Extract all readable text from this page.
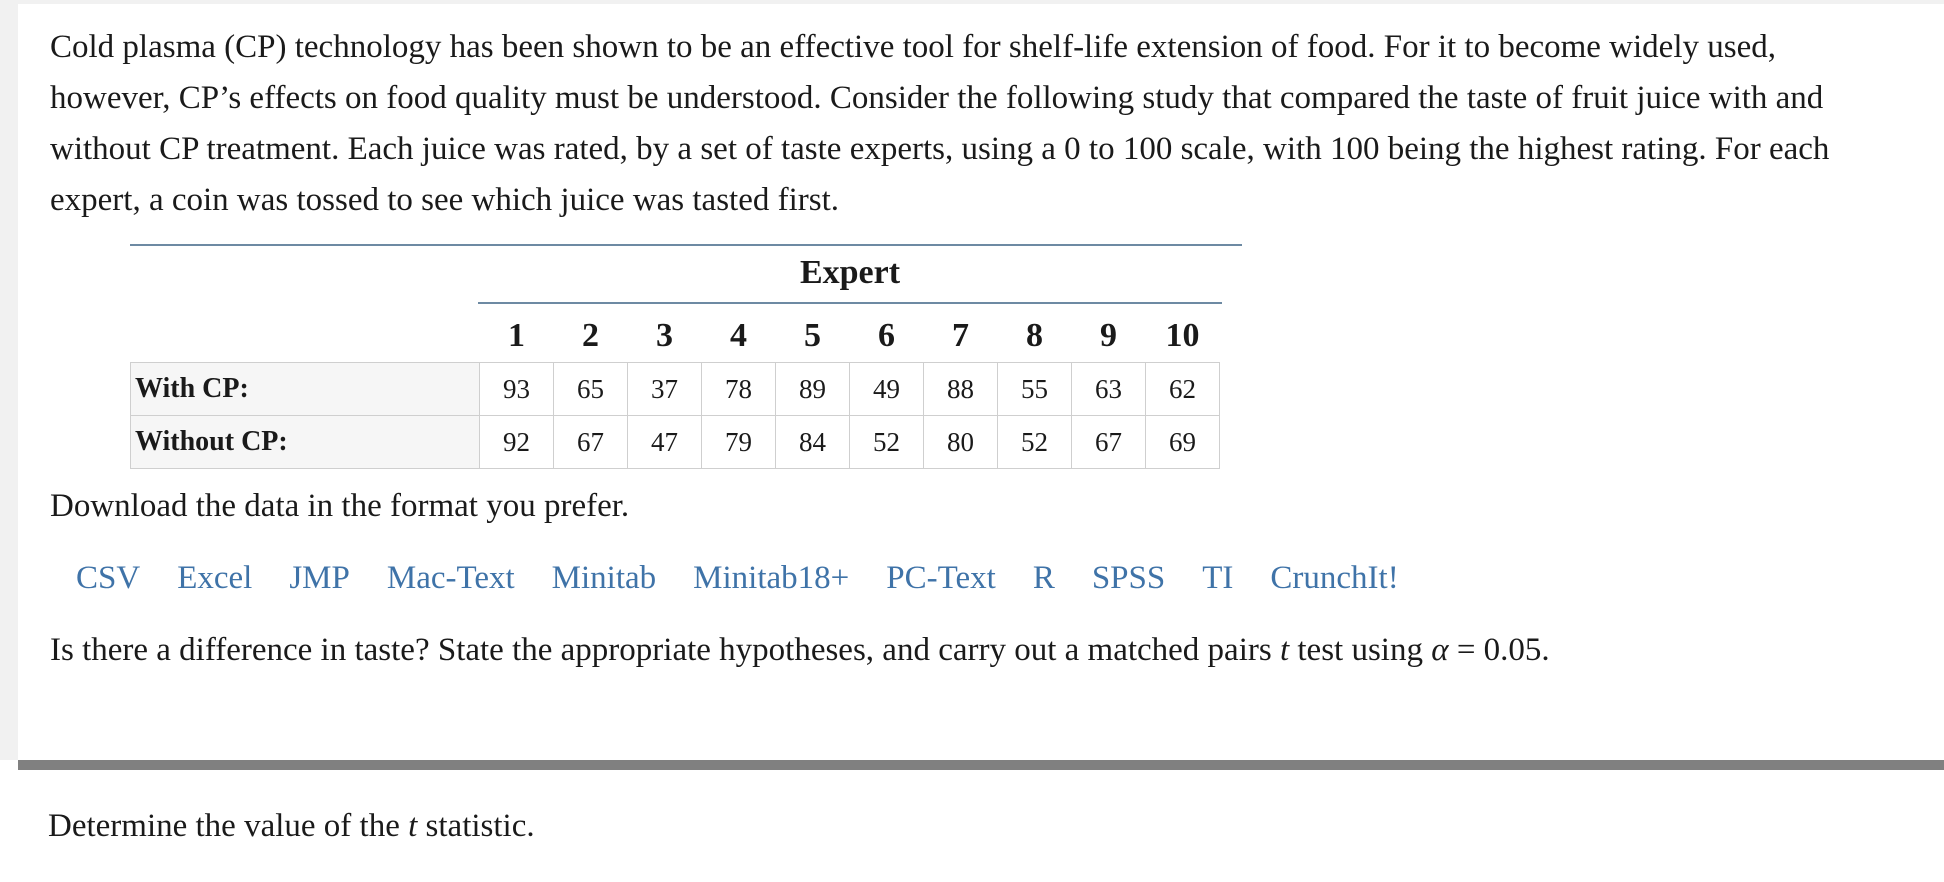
Cold plasma (CP) technology has been shown to be an effective tool for shelf-life extension of food. For it to become widely used, however, CP’s effects on food quality must be understood. Consider the following study that compared the taste of fruit juice with and without CP treatment. Each juice was rated, by a set of taste experts, using a 0 to 100 scale, with 100 being the highest rating. For each expert, a coin was tossed to see which juice was tasted first.

Expert
	1	2	3	4	5	6	7	8	9	10
With CP:	93	65	37	78	89	49	88	55	63	62
Without CP:	92	67	47	79	84	52	80	52	67	69

Download the data in the format you prefer.

CSV Excel JMP Mac-Text Minitab Minitab18+ PC-Text R SPSS TI CrunchIt!

Is there a difference in taste? State the appropriate hypotheses, and carry out a matched pairs t test using α = 0.05.

Determine the value of the t statistic.
